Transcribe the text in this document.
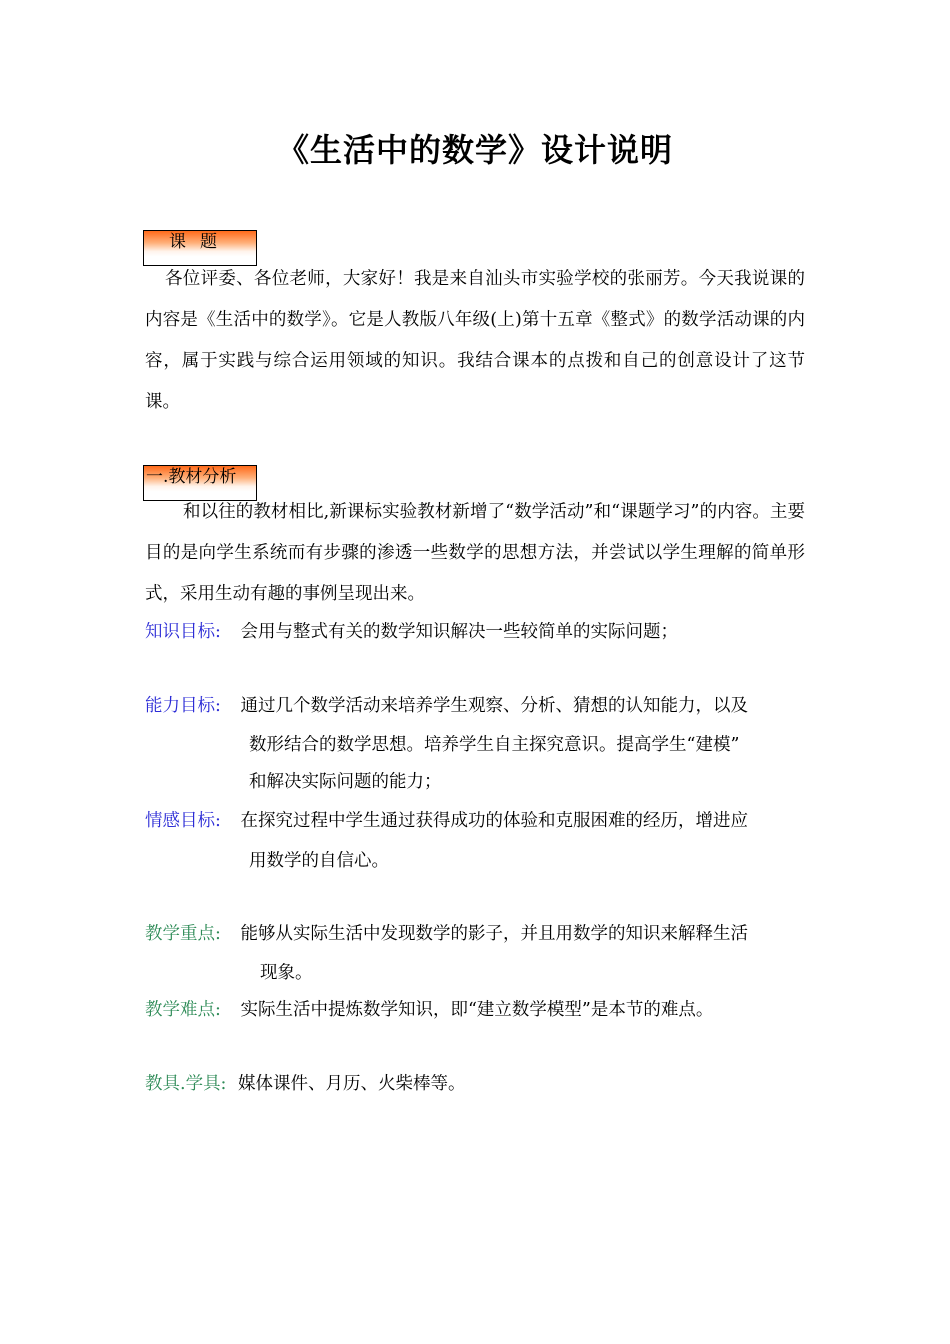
《生活中的数学》设计说明
课题

各位评委、各位老师，大家好！我是来自汕头市实验学校的张丽芳。今天我说课的内容是《生活中的数学》。它是人教版八年级(上)第十五章《整式》的数学活动课的内容，属于实践与综合运用领域的知识。我结合课本的点拨和自己的创意设计了这节课。

一.教材分析

和以往的教材相比,新课标实验教材新增了“数学活动”和“课题学习”的内容。主要目的是向学生系统而有步骤的渗透一些数学的思想方法，并尝试以学生理解的简单形式，采用生动有趣的事例呈现出来。

知识目标: 会用与整式有关的数学知识解决一些较简单的实际问题；
能力目标: 通过几个数学活动来培养学生观察、分析、猜想的认知能力，以及
数形结合的数学思想。培养学生自主探究意识。提高学生“建模”
和解决实际问题的能力；
情感目标: 在探究过程中学生通过获得成功的体验和克服困难的经历，增进应
用数学的自信心。
教学重点: 能够从实际生活中发现数学的影子，并且用数学的知识来解释生活
现象。
教学难点: 实际生活中提炼数学知识，即“建立数学模型”是本节的难点。
教具.学具: 媒体课件、月历、火柴棒等。
